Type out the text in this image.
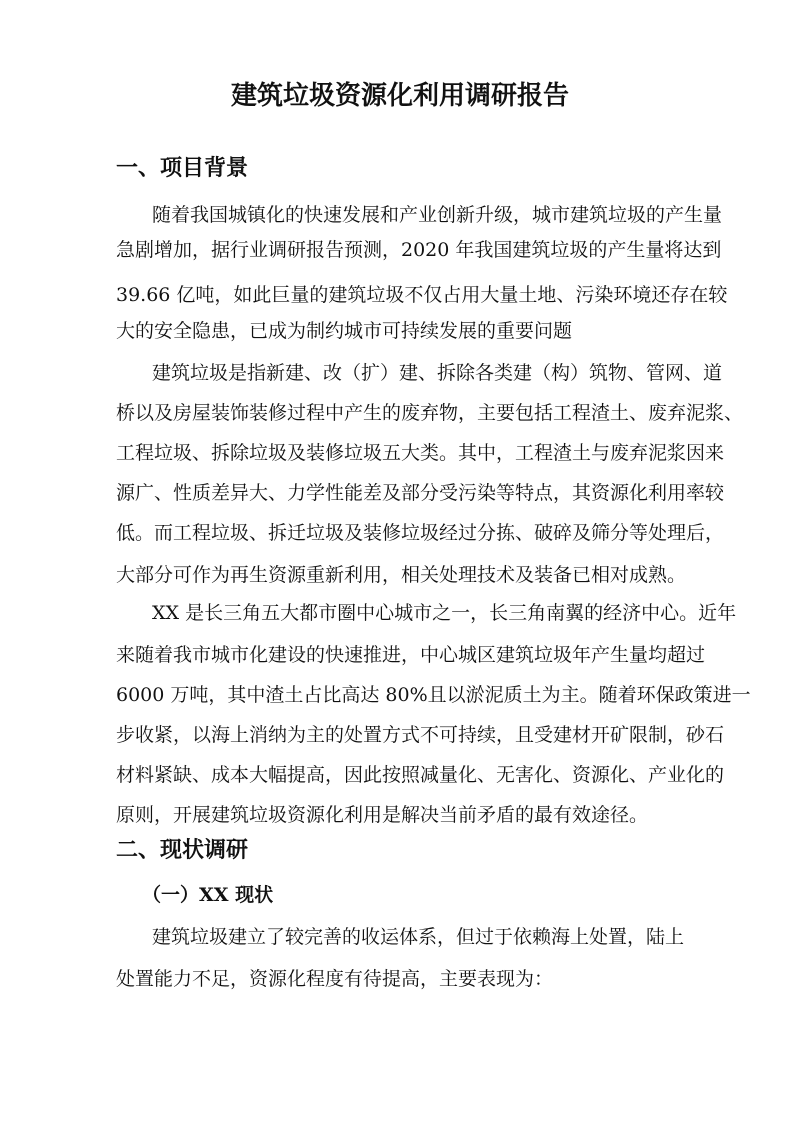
建筑垃圾资源化利用调研报告
一、项目背景
随着我国城镇化的快速发展和产业创新升级，城市建筑垃圾的产生量
急剧增加，据行业调研报告预测，2020 年我国建筑垃圾的产生量将达到
39.66 亿吨，如此巨量的建筑垃圾不仅占用大量土地、污染环境还存在较
大的安全隐患，已成为制约城市可持续发展的重要问题
建筑垃圾是指新建、改（扩）建、拆除各类建（构）筑物、管网、道
桥以及房屋装饰装修过程中产生的废弃物，主要包括工程渣土、废弃泥浆、
工程垃圾、拆除垃圾及装修垃圾五大类。其中，工程渣土与废弃泥浆因来
源广、性质差异大、力学性能差及部分受污染等特点，其资源化利用率较
低。而工程垃圾、拆迁垃圾及装修垃圾经过分拣、破碎及筛分等处理后，
大部分可作为再生资源重新利用，相关处理技术及装备已相对成熟。
XX 是长三角五大都市圈中心城市之一，长三角南翼的经济中心。近年
来随着我市城市化建设的快速推进，中心城区建筑垃圾年产生量均超过
6000 万吨，其中渣土占比高达 80%且以淤泥质土为主。随着环保政策进一
步收紧，以海上消纳为主的处置方式不可持续，且受建材开矿限制，砂石
材料紧缺、成本大幅提高，因此按照减量化、无害化、资源化、产业化的
原则，开展建筑垃圾资源化利用是解决当前矛盾的最有效途径。
二、现状调研
（一）XX 现状
建筑垃圾建立了较完善的收运体系，但过于依赖海上处置，陆上
处置能力不足，资源化程度有待提高，主要表现为：
